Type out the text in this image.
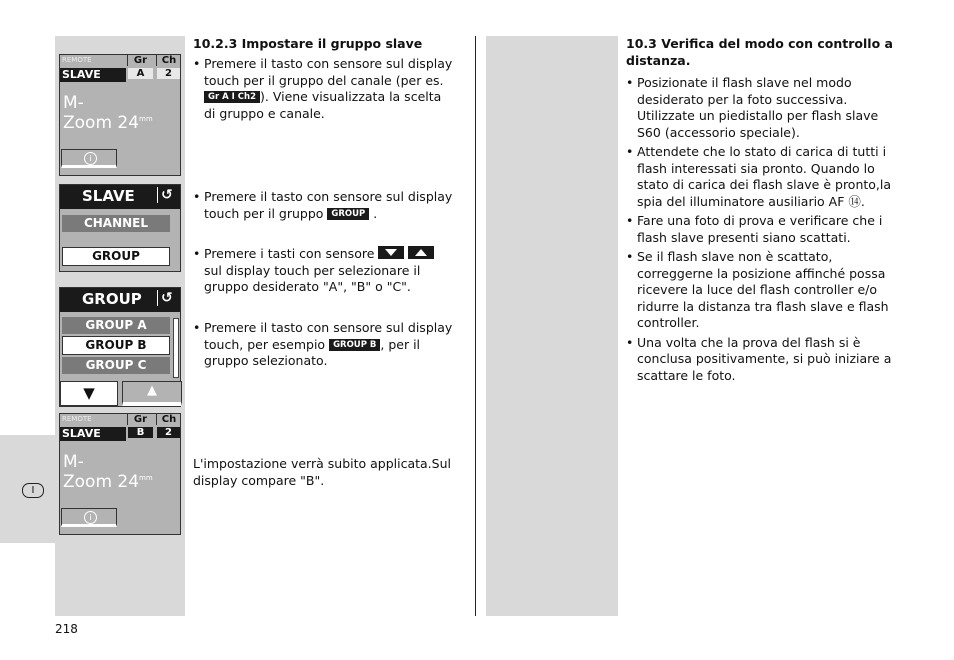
I
REMOTE
SLAVE
Gr	Ch
A	2
M-
Zoom $24^{mm}$
i
SLAVE ↺
CHANNEL
GROUP
GROUP ↺
GROUP A
GROUP B
GROUP C
▼	▲
REMOTE
SLAVE
Gr	Ch
B	2
M-
Zoom $24^{mm}$
i
10.2.3 Impostare il gruppo slave
• Premere il tasto con sensore sul display touch per il gruppo del canale (per es. Gr A I Ch2 ). Viene visualizzata la scelta di gruppo e canale.
• Premere il tasto con sensore sul display touch per il gruppo GROUP .
• Premere i tasti con sensore   sul display touch per selezionare il gruppo desiderato "A", "B" o "C".
• Premere il tasto con sensore sul display touch, per esempio GROUP B , per il gruppo selezionato.
L'impostazione verrà subito applicata.Sul display compare "B".
10.3 Verifica del modo con controllo a distanza.
• Posizionate il flash slave nel modo desiderato per la foto successiva. Utilizzate un piedistallo per flash slave S60 (accessorio speciale).
• Attendete che lo stato di carica di tutti i flash interessati sia pronto. Quando lo stato di carica dei flash slave è pronto,la spia del illuminatore ausiliario AF ⑭.
• Fare una foto di prova e verificare che i flash slave presenti siano scattati.
• Se il flash slave non è scattato, correggerne la posizione affinché possa ricevere la luce del flash controller e/o ridurre la distanza tra flash slave e flash controller.
• Una volta che la prova del flash si è conclusa positivamente, si può iniziare a scattare le foto.
218
